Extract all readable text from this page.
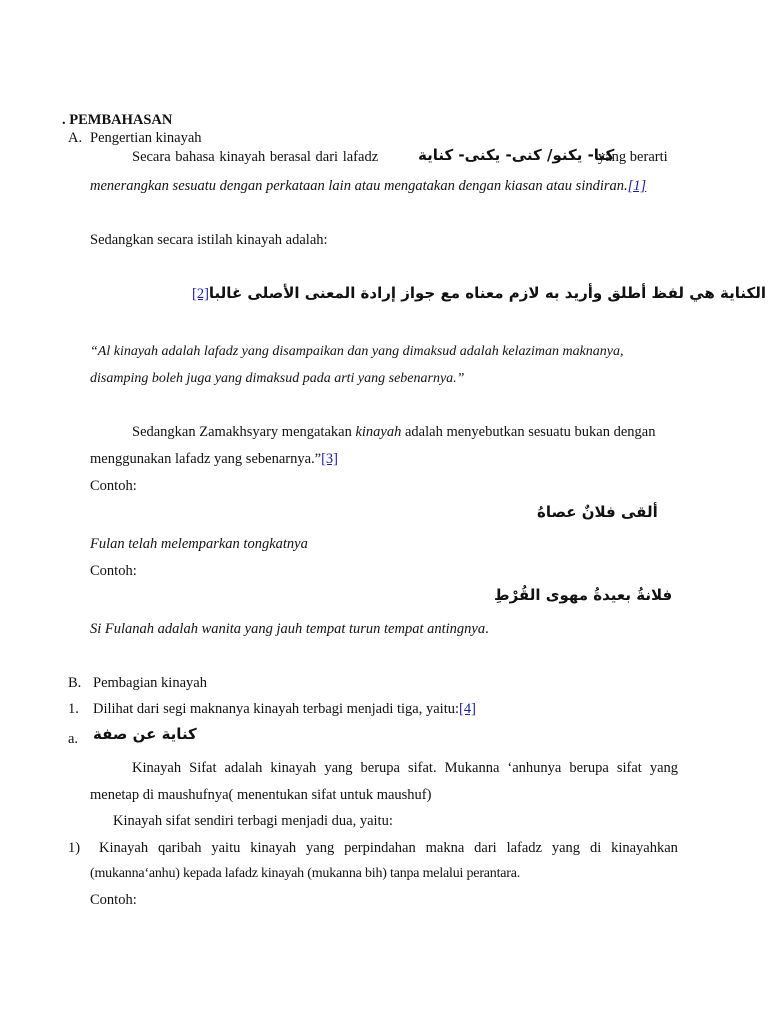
. PEMBAHASAN
A. Pengertian kinayah
Secara bahasa kinayah berasal dari lafadz	كنا- يكنو/ كنى- يكنى- كناية
yang berarti
menerangkan sesuatu dengan perkataan lain atau mengatakan dengan kiasan atau sindiran.[1]
Sedangkan secara istilah kinayah adalah:
[2]الكناية هي لفظ أطلق وأريد به لازم معناه مع جواز إرادة المعنى الأصلى غالبا
“Al kinayah adalah lafadz yang disampaikan dan yang dimaksud adalah kelaziman maknanya,
disamping boleh juga yang dimaksud pada arti yang sebenarnya.”
Sedangkan Zamakhsyary mengatakan kinayah adalah menyebutkan sesuatu bukan dengan
menggunakan lafadz yang sebenarnya.”[3]
Contoh:
ألقى فلانٌ عصاهُ
Fulan telah melemparkan tongkatnya
Contoh:
فلانةُ بعيدةُ مهوى القُرْطِ
Si Fulanah adalah wanita yang jauh tempat turun tempat antingnya.
B. Pembagian kinayah
1. Dilihat dari segi maknanya kinayah terbagi menjadi tiga, yaitu:[4]
a. كناية عن صفة
Kinayah Sifat adalah kinayah yang berupa sifat. Mukanna ‘anhunya berupa sifat yang
menetap di maushufnya( menentukan sifat untuk maushuf)
Kinayah sifat sendiri terbagi menjadi dua, yaitu:
1) Kinayah qaribah yaitu kinayah yang perpindahan makna dari lafadz yang di kinayahkan
(mukanna‘anhu) kepada lafadz kinayah (mukanna bih) tanpa melalui perantara.
Contoh:
